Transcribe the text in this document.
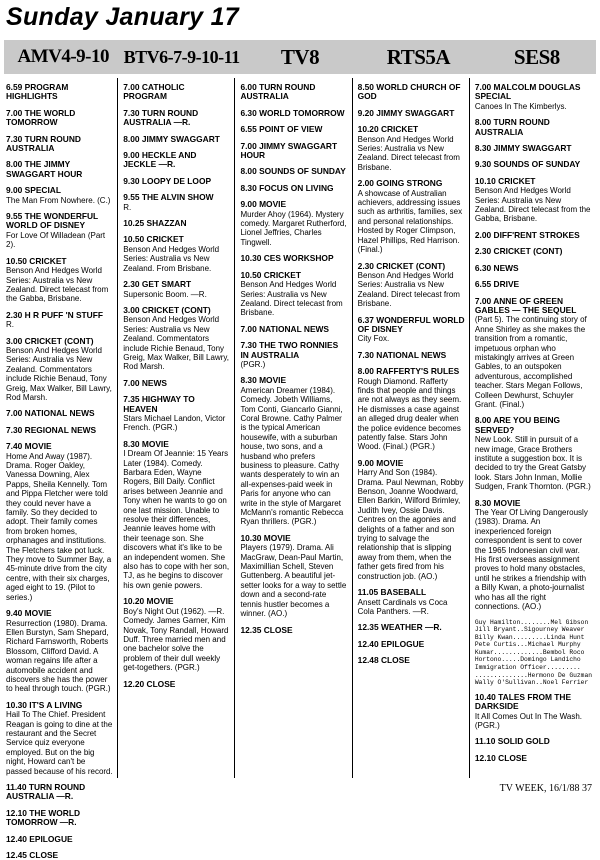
Sunday January 17
AMV4-9-10 BTV6-7-9-10-11	TV8	RTS5A	SES8
6.59 PROGRAM HIGHLIGHTS
7.00 THE WORLD TOMORROW
7.30 TURN ROUND AUSTRALIA
8.00 THE JIMMY SWAGGART HOUR
9.00 SPECIAL
The Man From Nowhere. (C.)
9.55 THE WONDERFUL WORLD OF DISNEY
For Love Of Willadean (Part 2).
10.50 CRICKET
Benson And Hedges World Series: Australia vs New Zealand. Direct telecast from the Gabba, Brisbane.
2.30 H R PUFF 'N STUFF
R.
3.00 CRICKET (CONT)
Benson And Hedges World Series: Australia vs New Zealand. Commentators include Richie Benaud, Tony Greig, Max Walker, Bill Lawry, Rod Marsh.
7.00 NATIONAL NEWS
7.30 REGIONAL NEWS
7.40 MOVIE
Home And Away (1987). Drama. Roger Oakley, Vanessa Downing, Alex Papps, Sheila Kennelly. Tom and Pippa Fletcher were told they could never have a family. So they decided to adopt. Their family comes from broken homes, orphanages and institutions. The Fletchers take pot luck. They move to Summer Bay, a 45-minute drive from the city centre, with their six charges, aged eight to 19. (Pilot to series.)
9.40 MOVIE
Resurrection (1980). Drama. Ellen Burstyn, Sam Shepard, Richard Farnsworth, Roberts Blossom, Clifford David. A woman regains life after a automobile accident and discovers she has the power to heal through touch. (PGR.)
10.30 IT'S A LIVING
Hail To The Chief. President Reagan is going to dine at the restaurant and the Secret Service quiz everyone employed. But on the big night, Howard can't be passed because of his record.
11.40 TURN ROUND AUSTRALIA —R.
12.10 THE WORLD TOMORROW —R.
12.40 EPILOGUE
12.45 CLOSE
7.00 CATHOLIC PROGRAM
7.30 TURN ROUND AUSTRALIA —R.
8.00 JIMMY SWAGGART
9.00 HECKLE AND JECKLE —R.
9.30 LOOPY DE LOOP
9.55 THE ALVIN SHOW
R.
10.25 SHAZZAN
10.50 CRICKET
Benson And Hedges World Series: Australia vs New Zealand. From Brisbane.
2.30 GET SMART
Supersonic Boom. —R.
3.00 CRICKET (CONT)
Benson And Hedges World Series: Australia vs New Zealand. Commentators include Richie Benaud, Tony Greig, Max Walker, Bill Lawry, Rod Marsh.
7.00 NEWS
7.35 HIGHWAY TO HEAVEN
Stars Michael Landon, Victor French. (PGR.)
8.30 MOVIE
I Dream Of Jeannie: 15 Years Later (1984). Comedy. Barbara Eden, Wayne Rogers, Bill Daily. Conflict arises between Jeannie and Tony when he wants to go on one last mission. Unable to resolve their differences, Jeannie leaves home with their teenage son. She discovers what it's like to be an independent women. She also has to cope with her son, TJ, as he begins to discover his own genie powers.
10.20 MOVIE
Boy's Night Out (1962). —R. Comedy. James Garner, Kim Novak, Tony Randall, Howard Duff. Three married men and one bachelor solve the problem of their dull weekly get-togethers. (PGR.)
12.20 CLOSE
6.00 TURN ROUND AUSTRALIA
6.30 WORLD TOMORROW
6.55 POINT OF VIEW
7.00 JIMMY SWAGGART HOUR
8.00 SOUNDS OF SUNDAY
8.30 FOCUS ON LIVING
9.00 MOVIE
Murder Ahoy (1964). Mystery comedy. Margaret Rutherford, Lionel Jeffries, Charles Tingwell.
10.30 CES WORKSHOP
10.50 CRICKET
Benson And Hedges World Series: Australia vs New Zealand. Direct telecast from Brisbane.
7.00 NATIONAL NEWS
7.30 THE TWO RONNIES IN AUSTRALIA
(PGR.)
8.30 MOVIE
American Dreamer (1984). Comedy. Jobeth Williams, Tom Conti, Giancarlo Gianni, Coral Browne. Cathy Palmer is the typical American housewife, with a suburban house, two sons, and a husband who prefers business to pleasure. Cathy wants desperately to win an all-expenses-paid week in Paris for anyone who can write in the style of Margaret McMann's romantic Rebecca Ryan thrillers. (PGR.)
10.30 MOVIE
Players (1979). Drama. Ali MacGraw, Dean-Paul Martin, Maximillian Schell, Steven Guttenberg. A beautiful jet-setter looks for a way to settle down and a second-rate tennis hustler becomes a winner. (AO.)
12.35 CLOSE
8.50 WORLD CHURCH OF GOD
9.20 JIMMY SWAGGART
10.20 CRICKET
Benson And Hedges World Series: Australia vs New Zealand. Direct telecast from Brisbane.
2.00 GOING STRONG
A showcase of Australian achievers, addressing issues such as arthritis, families, sex and personal relationships. Hosted by Roger Climpson, Hazel Phillips, Red Harrison. (Final.)
2.30 CRICKET (CONT)
Benson And Hedges World Series: Australia vs New Zealand. Direct telecast from Brisbane.
6.37 WONDERFUL WORLD OF DISNEY
City Fox.
7.30 NATIONAL NEWS
8.00 RAFFERTY'S RULES
Rough Diamond. Rafferty finds that people and things are not always as they seem. He dismisses a case against an alleged drug dealer when the police evidence becomes patently false. Stars John Wood. (Final.) (PGR.)
9.00 MOVIE
Harry And Son (1984). Drama. Paul Newman, Robby Benson, Joanne Woodward, Ellen Barkin, Wilford Brimley, Judith Ivey, Ossie Davis. Centres on the agonies and delights of a father and son trying to salvage the relationship that is slipping away from them, when the father gets fired from his construction job. (AO.)
11.05 BASEBALL
Ansett Cardinals vs Coca Cola Panthers. —R.
12.35 WEATHER —R.
12.40 EPILOGUE
12.48 CLOSE
7.00 MALCOLM DOUGLAS SPECIAL
Canoes In The Kimberlys.
8.00 TURN ROUND AUSTRALIA
8.30 JIMMY SWAGGART
9.30 SOUNDS OF SUNDAY
10.10 CRICKET
Benson And Hedges World Series: Australia vs New Zealand. Direct telecast from the Gabba, Brisbane.
2.00 DIFF'RENT STROKES
2.30 CRICKET (CONT)
6.30 NEWS
6.55 DRIVE
7.00 ANNE OF GREEN GABLES — THE SEQUEL
(Part 5). The continuing story of Anne Shirley as she makes the transition from a romantic, impetuous orphan who mistakingly arrives at Green Gables, to an outspoken adventurous, accomplished teacher. Stars Megan Follows, Colleen Dewhurst, Schuyler Grant. (Final.)
8.00 ARE YOU BEING SERVED?
New Look. Still in pursuit of a new image, Grace Brothers institute a suggestion box. It is decided to try the Great Gatsby look. Stars John Inman, Mollie Sudgen, Frank Thornton. (PGR.)
8.30 MOVIE
The Year Of Living Dangerously (1983). Drama. An inexperienced foreign correspondent is sent to cover the 1965 Indonesian civil war. His first overseas assignment proves to hold many obstacles, until he strikes a friendship with a Billy Kwan, a photo-journalist who has all the right connections. (AO.)
Guy Hamilton........Mel Gibson
Jill Bryant..Sigourney Weaver
Billy Kwan.........Linda Hunt
Pete Curtis...Michael Murphy
Kumar.............Bembol Roco
Hortono.....Domingo Landicho
Immigration Officer.........
..............Hermono De Guzman
Wally O'Sullivan..Noel Ferrier
10.40 TALES FROM THE DARKSIDE
It All Comes Out In The Wash. (PGR.)
11.10 SOLID GOLD
12.10 CLOSE
TV WEEK, 16/1/88 37
